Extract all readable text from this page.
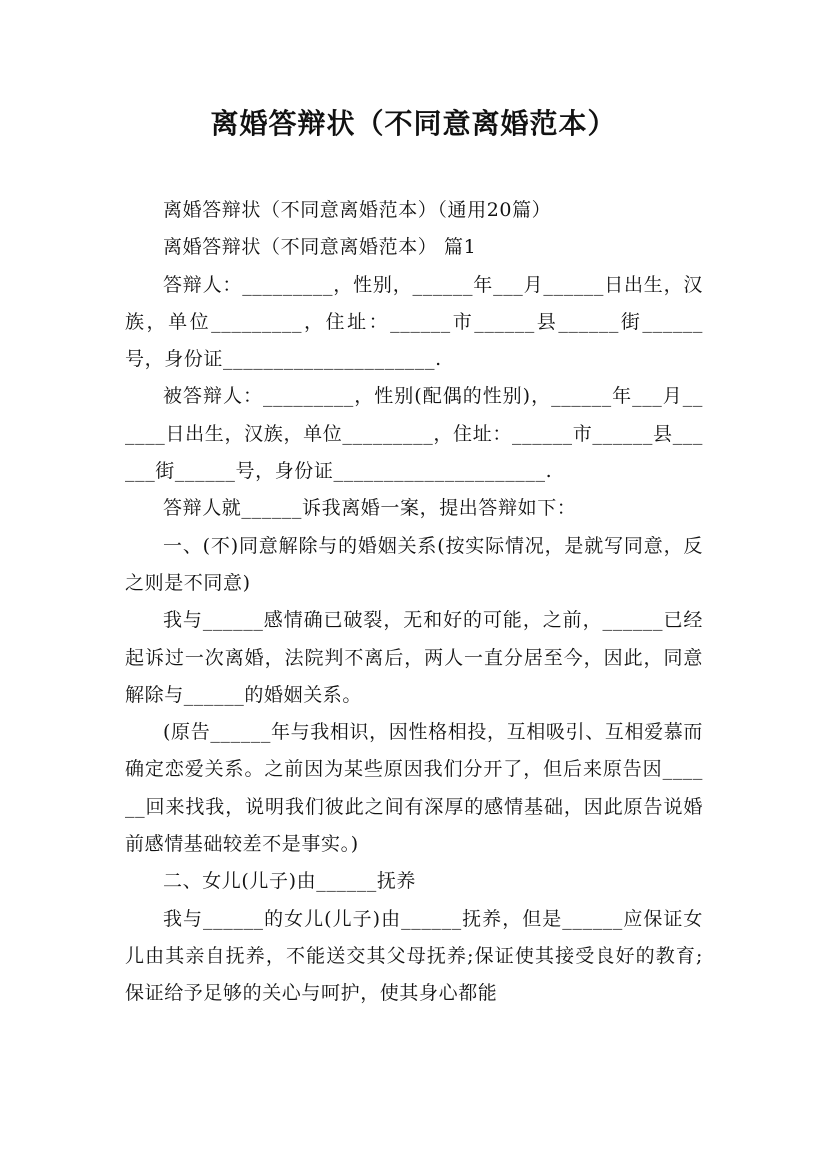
离婚答辩状（不同意离婚范本）

离婚答辩状（不同意离婚范本）（通用20篇）

离婚答辩状（不同意离婚范本） 篇1

答辩人：_________，性别，______年___月______日出生，汉族，单位_________，住址：______市______县______街______号，身份证_____________________.

被答辩人：_________，性别(配偶的性别)，______年___月______日出生，汉族，单位_________，住址：______市______县______街______号，身份证_____________________.

答辩人就______诉我离婚一案，提出答辩如下：

一、(不)同意解除与的婚姻关系(按实际情况，是就写同意，反之则是不同意)

我与______感情确已破裂，无和好的可能，之前，______已经起诉过一次离婚，法院判不离后，两人一直分居至今，因此，同意解除与______的婚姻关系。

(原告______年与我相识，因性格相投，互相吸引、互相爱慕而确定恋爱关系。之前因为某些原因我们分开了，但后来原告因______回来找我，说明我们彼此之间有深厚的感情基础，因此原告说婚前感情基础较差不是事实。)

二、女儿(儿子)由______抚养

我与______的女儿(儿子)由______抚养，但是______应保证女儿由其亲自抚养，不能送交其父母抚养;保证使其接受良好的教育;保证给予足够的关心与呵护，使其身心都能
